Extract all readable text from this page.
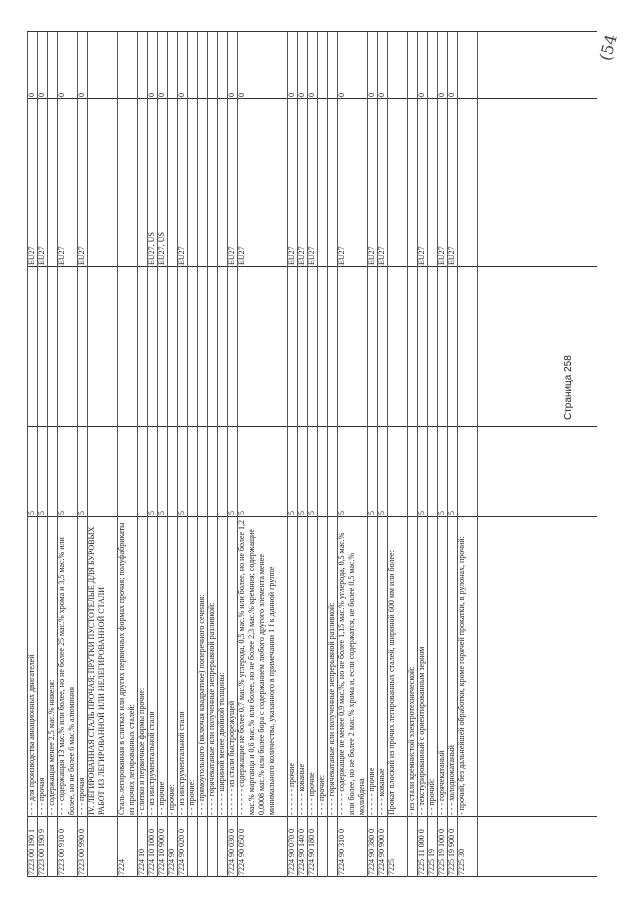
7223 00 190 1
- - - для производства авиационных двигателей
5
EU27
0
7223 00 190 9
- - - прочая
5
EU27
0
- - содержащая менее 2,5 мас.% никеля:
7223 00 910 0
- - - содержащая 13 мас.% или более, но не более 25 мас.% хрома и 3,5 мас.% или более, но не более 6 мас.% алюминия
5
EU27
0
7223 00 990 0
- - - прочая
5
EU27
0
IV. ЛЕГИРОВАННАЯ СТАЛЬ ПРОЧАЯ; ПРУТКИ ПУСТОТЕЛЫЕ ДЛЯ БУРОВЫХ РАБОТ ИЗ ЛЕГИРОВАННОЙ ИЛИ НЕЛЕГИРОВАННОЙ СТАЛИ
7224
Сталь легированная в слитках или других первичных формах прочая; полуфабрикаты из прочих легированных сталей:
7224 10
- слитки и первичные формы прочие:
7224 10 100 0
- - из инструментальной стали
5
EU27, US
0
7224 10 900 0
- - прочие
5
EU27, US
0
7224 90
- прочие:
7224 90 020 0
- - из инструментальной стали
5
EU27
0
- - прочие: - - - прямоугольного (включая квадратное) поперечного сечения: - - - - горячекатаные или полученные непрерывной разливкой: - - - - - шириной менее двойной толщины:
7224 90 030 0
- - - - - - из стали быстрорежущей
5
EU27
0
7224 90 050 0
- - - - - - содержащие не более 0,7 мас.% углерода, 0,5 мас.% или более, но не более 1,2 мас.% марганца и 0,6 мас.% или более, но не более 2,3 мас.% кремния; содержащие 0,0008 мас.% или более бора с содержанием любого другого элемента менее минимального количества, указанного в примечании 1 f к данной группе
5
EU27
0
7224 90 070 0
- - - - - - прочие
5
EU27
0
7224 90 140 0
- - - - - кованые
5
EU27
0
7224 90 180 0
- - - - прочие
5
EU27
0
- - - прочие: - - - - горячекатаные или полученные непрерывной разливкой:
7224 90 310 0
- - - - - содержащие не менее 0,9 мас.%, но не более 1,15 мас.% углерода, 0,5 мас.% или более, но не более 2 мас.% хрома и, если содержатся, не более 0,5 мас.% молибдена
5
EU27
0
7224 90 380 0
- - - - - прочие
5
EU27
0
7224 90 900 0
- - - - кованые
5
EU27
0
7225
Прокат плоский из прочих легированных сталей, шириной 600 мм или более:	- из стали кремнистой электротехнической:
7225 11 000 0
- - текстурированный с ориентированным зерном
5
EU27
0
7225 19
- - прочий:
7225 19 100 0
- - - горячекатаный
5
EU27
0
7225 19 900 0
- - - холоднокатаный
5
EU27
0
7225 30
- прочий, без дальнейшей обработки, кроме горячей прокатки, в рулонах, прочий:
Страница 258
(54
